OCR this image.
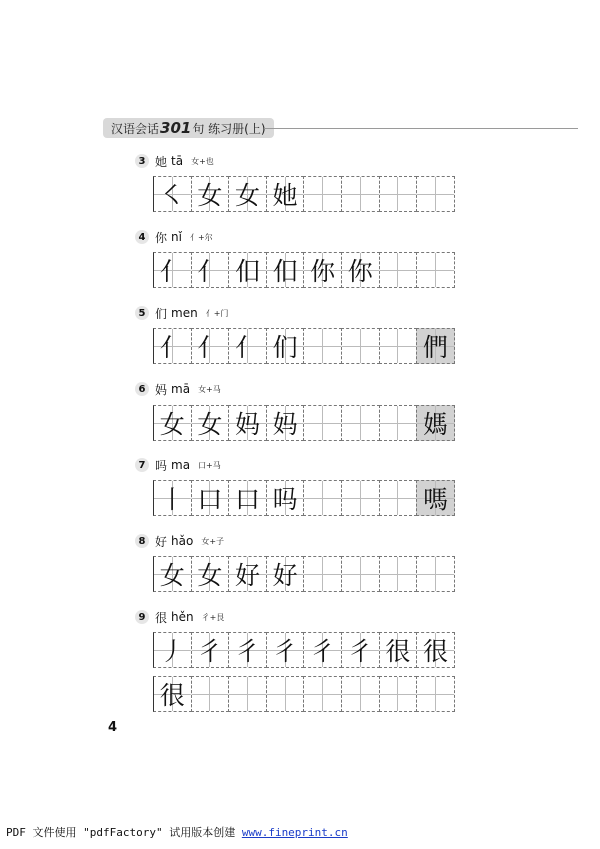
汉语会话 301 句 练习册(上)
3 她 tā 女+也
㇛ 女 女 她
4 你 nǐ 亻+尔
亻 ⺅ 㐰 㐰 你 你
5 们 men 亻+门
亻 亻 亻 们	們
6 妈 mā 女+马
女 女 妈 妈	媽
7 吗 ma 口+马
丨 口 口 吗	嗎
8 好 hǎo 女+子
女 女 好 好
9 很 hěn 彳+艮
丿 彳 彳 彳 彳 彳 很 很
很
4
PDF 文件使用 "pdfFactory" 试用版本创建 www.fineprint.cn
